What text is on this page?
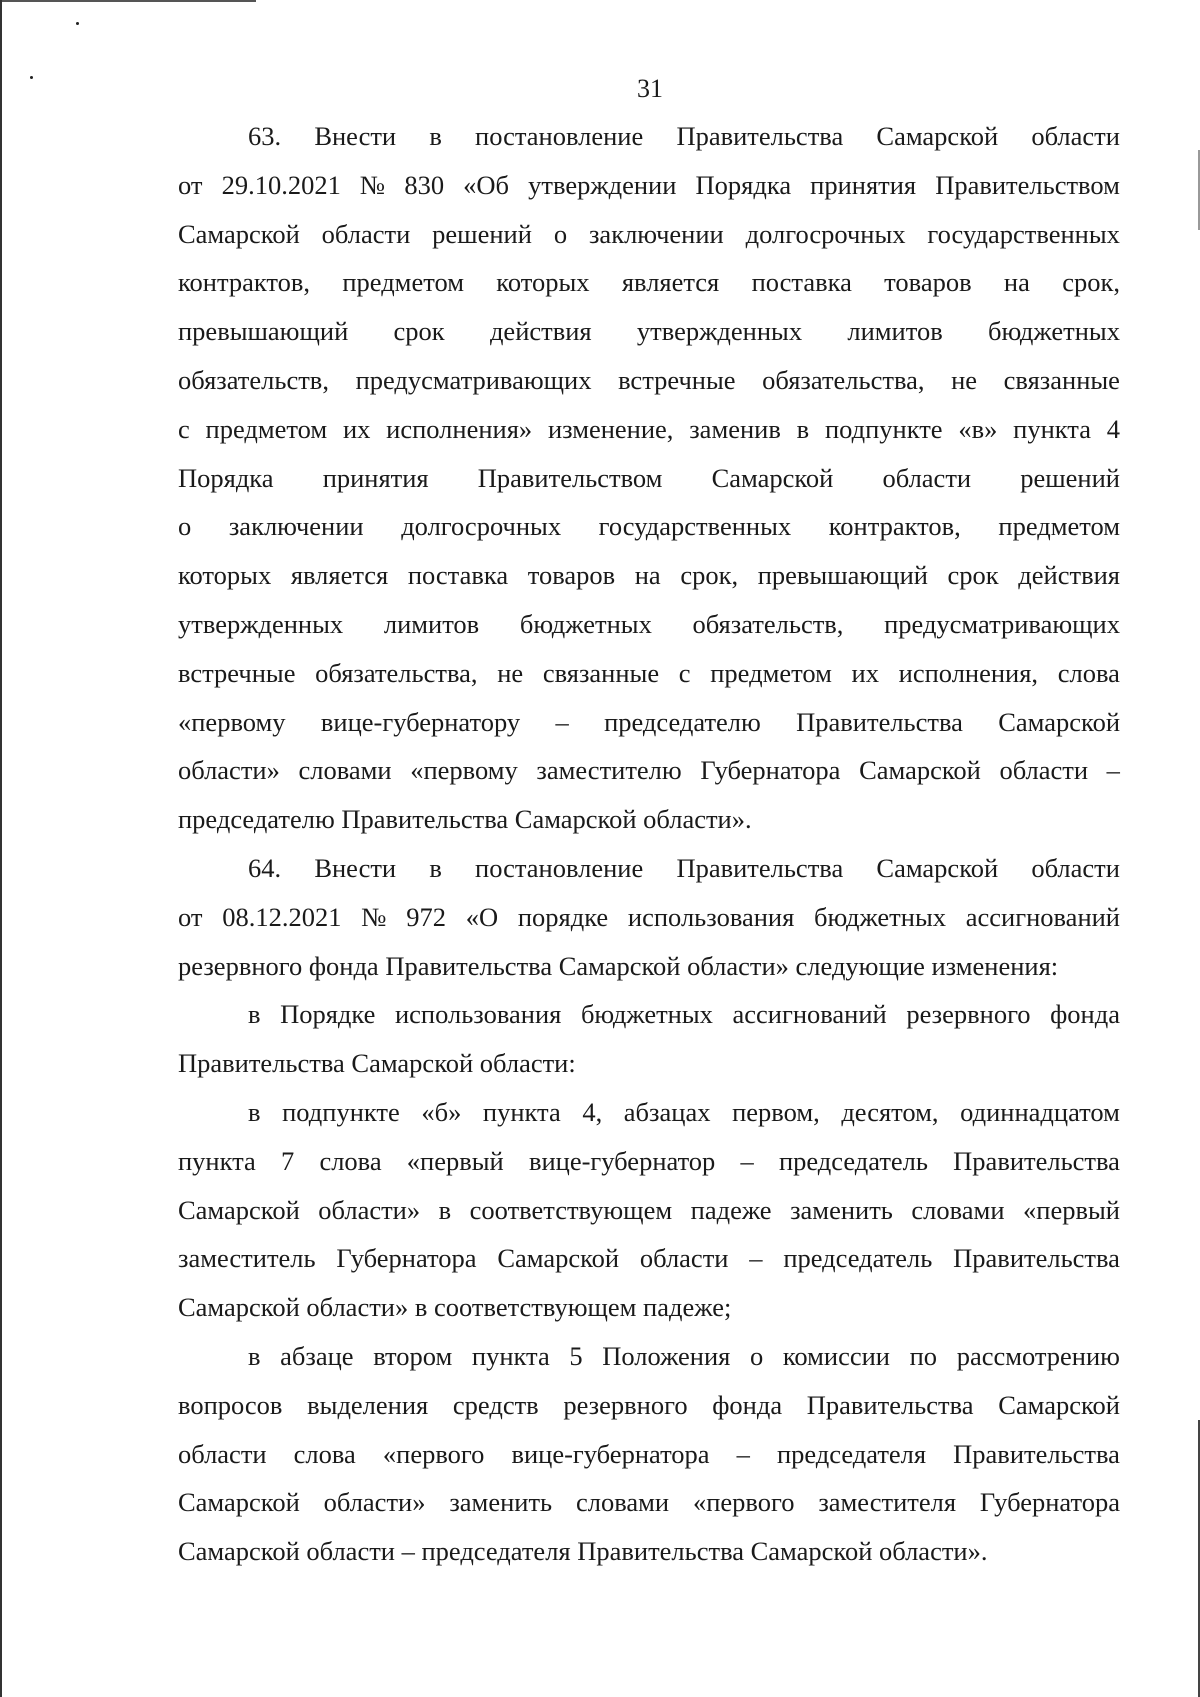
31
63. Внести в постановление Правительства Самарской области
от 29.10.2021 № 830 «Об утверждении Порядка принятия Правительством
Самарской области решений о заключении долгосрочных государственных
контрактов, предметом которых является поставка товаров на срок,
превышающий срок действия утвержденных лимитов бюджетных
обязательств, предусматривающих встречные обязательства, не связанные
с предметом их исполнения» изменение, заменив в подпункте «в» пункта 4
Порядка принятия Правительством Самарской области решений
о заключении долгосрочных государственных контрактов, предметом
которых является поставка товаров на срок, превышающий срок действия
утвержденных лимитов бюджетных обязательств, предусматривающих
встречные обязательства, не связанные с предметом их исполнения, слова
«первому вице-губернатору – председателю Правительства Самарской
области» словами «первому заместителю Губернатора Самарской области –
председателю Правительства Самарской области».
64. Внести в постановление Правительства Самарской области
от 08.12.2021 № 972 «О порядке использования бюджетных ассигнований
резервного фонда Правительства Самарской области» следующие изменения:
в Порядке использования бюджетных ассигнований резервного фонда
Правительства Самарской области:
в подпункте «б» пункта 4, абзацах первом, десятом, одиннадцатом
пункта 7 слова «первый вице-губернатор – председатель Правительства
Самарской области» в соответствующем падеже заменить словами «первый
заместитель Губернатора Самарской области – председатель Правительства
Самарской области» в соответствующем падеже;
в абзаце втором пункта 5 Положения о комиссии по рассмотрению
вопросов выделения средств резервного фонда Правительства Самарской
области слова «первого вице-губернатора – председателя Правительства
Самарской области» заменить словами «первого заместителя Губернатора
Самарской области – председателя Правительства Самарской области».
